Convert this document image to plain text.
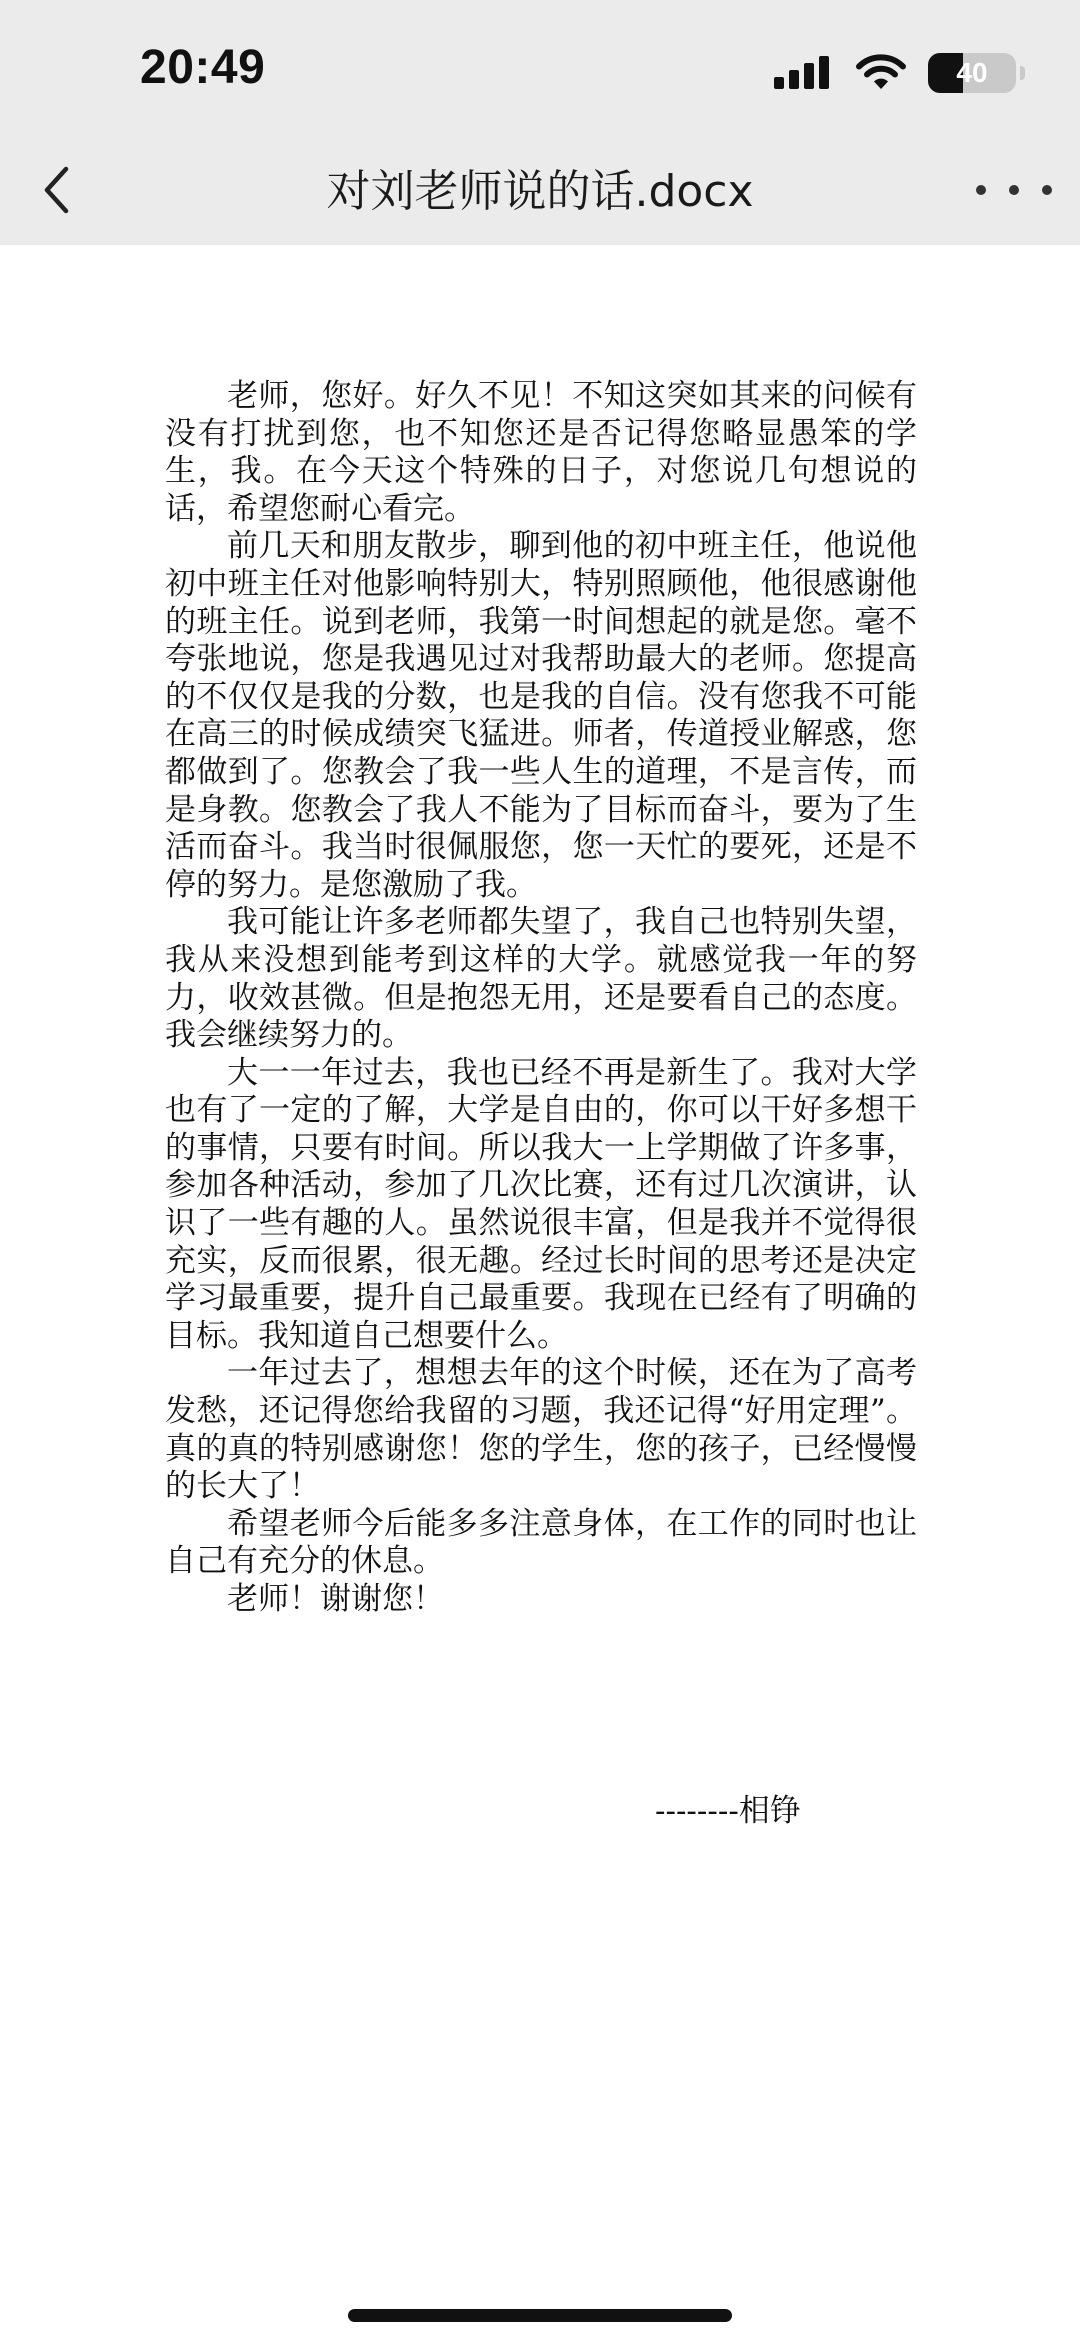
20:49	40
对刘老师说的话.docx

老师，您好。好久不见！不知这突如其来的问候有没有打扰到您，也不知您还是否记得您略显愚笨的学生，我。在今天这个特殊的日子，对您说几句想说的话，希望您耐心看完。

前几天和朋友散步，聊到他的初中班主任，他说他初中班主任对他影响特别大，特别照顾他，他很感谢他的班主任。说到老师，我第一时间想起的就是您。毫不夸张地说，您是我遇见过对我帮助最大的老师。您提高的不仅仅是我的分数，也是我的自信。没有您我不可能在高三的时候成绩突飞猛进。师者，传道授业解惑，您都做到了。您教会了我一些人生的道理，不是言传，而是身教。您教会了我人不能为了目标而奋斗，要为了生活而奋斗。我当时很佩服您，您一天忙的要死，还是不停的努力。是您激励了我。

我可能让许多老师都失望了，我自己也特别失望，我从来没想到能考到这样的大学。就感觉我一年的努力，收效甚微。但是抱怨无用，还是要看自己的态度。我会继续努力的。

大一一年过去，我也已经不再是新生了。我对大学也有了一定的了解，大学是自由的，你可以干好多想干的事情，只要有时间。所以我大一上学期做了许多事，参加各种活动，参加了几次比赛，还有过几次演讲，认识了一些有趣的人。虽然说很丰富，但是我并不觉得很充实，反而很累，很无趣。经过长时间的思考还是决定学习最重要，提升自己最重要。我现在已经有了明确的目标。我知道自己想要什么。

一年过去了，想想去年的这个时候，还在为了高考发愁，还记得您给我留的习题，我还记得“好用定理”。真的真的特别感谢您！您的学生，您的孩子，已经慢慢的长大了！

希望老师今后能多多注意身体，在工作的同时也让自己有充分的休息。

老师！谢谢您！

--------相铮
